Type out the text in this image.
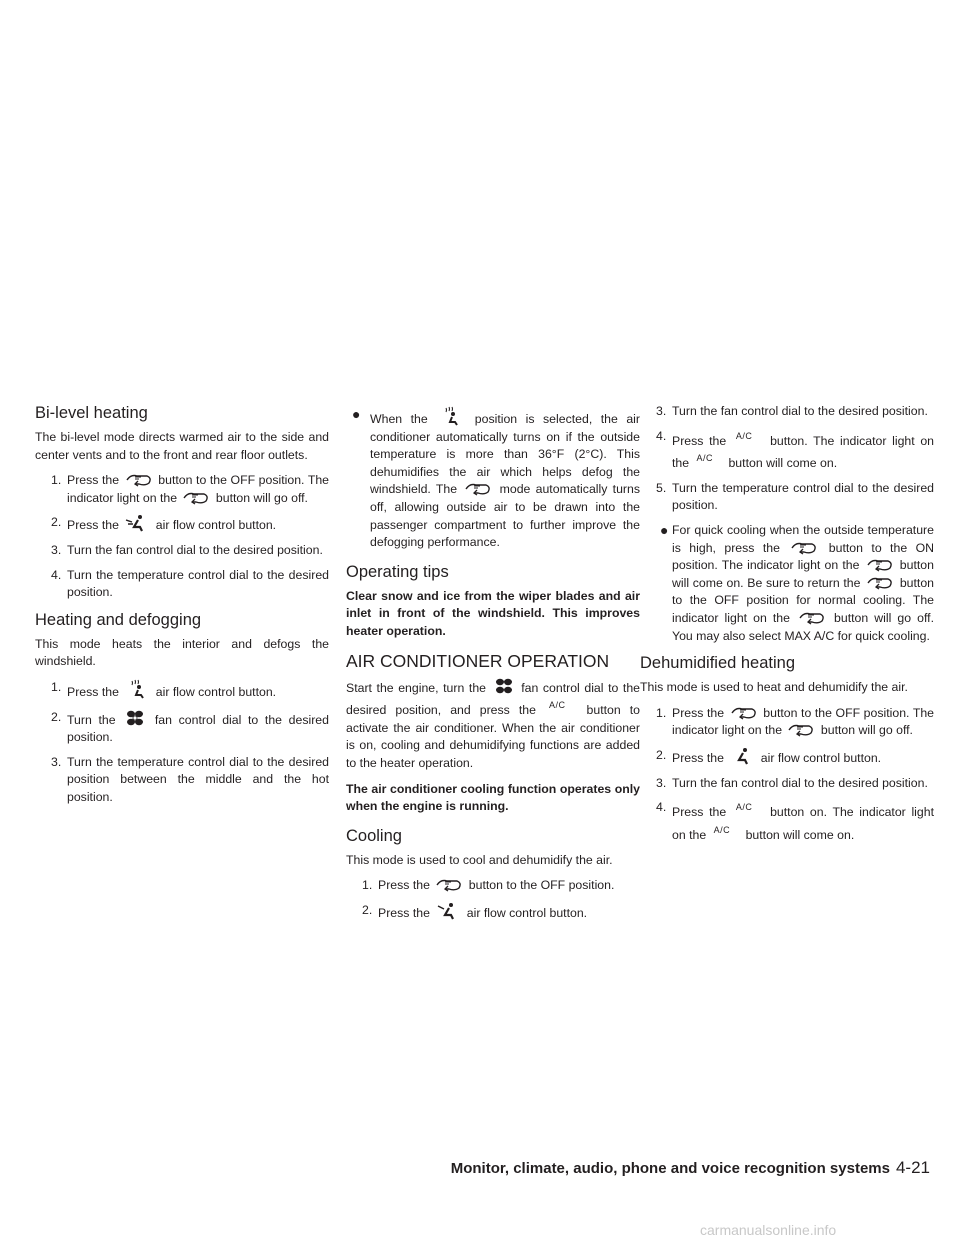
Bi-level heating

The bi-level mode directs warmed air to the side and center vents and to the front and rear floor outlets.

1. Press the	button to the OFF position. The indicator light on the	button will go off.
2. Press the	air flow control button.
3. Turn the fan control dial to the desired position.
4. Turn the temperature control dial to the desired position.
Heating and defogging

This mode heats the interior and defogs the windshield.

1. Press the	air flow control button.
2. Turn the	fan control dial to the desired position.
3. Turn the temperature control dial to the desired position between the middle and the hot position.
● When the	position is selected, the air conditioner automatically turns on if the outside temperature is more than 36°F (2°C). This dehumidifies the air which helps defog the windshield. The	mode automatically turns off, allowing outside air to be drawn into the passenger compartment to further improve the defogging performance.
Operating tips

Clear snow and ice from the wiper blades and air inlet in front of the windshield. This improves heater operation.

AIR CONDITIONER OPERATION

Start the engine, turn the	fan control dial to the desired position, and press the A/C button to activate the air conditioner. When the air conditioner is on, cooling and dehumidifying functions are added to the heater operation.

The air conditioner cooling function operates only when the engine is running.

Cooling

This mode is used to cool and dehumidify the air.

1. Press the	button to the OFF position.
2. Press the	air flow control button.
3. Turn the fan control dial to the desired position.
4. Press the A/C button. The indicator light on the A/C button will come on.
5. Turn the temperature control dial to the desired position.
● For quick cooling when the outside temperature is high, press the	button to the ON position. The indicator light on the	button will come on. Be sure to return the	button to the OFF position for normal cooling. The indicator light on the	button will go off. You may also select MAX A/C for quick cooling.
Dehumidified heating

This mode is used to heat and dehumidify the air.

1. Press the	button to the OFF position. The indicator light on the	button will go off.
2. Press the	air flow control button.
3. Turn the fan control dial to the desired position.
4. Press the A/C button on. The indicator light on the A/C button will come on.
Monitor, climate, audio, phone and voice recognition systems 4-21
carmanualsonline.info
